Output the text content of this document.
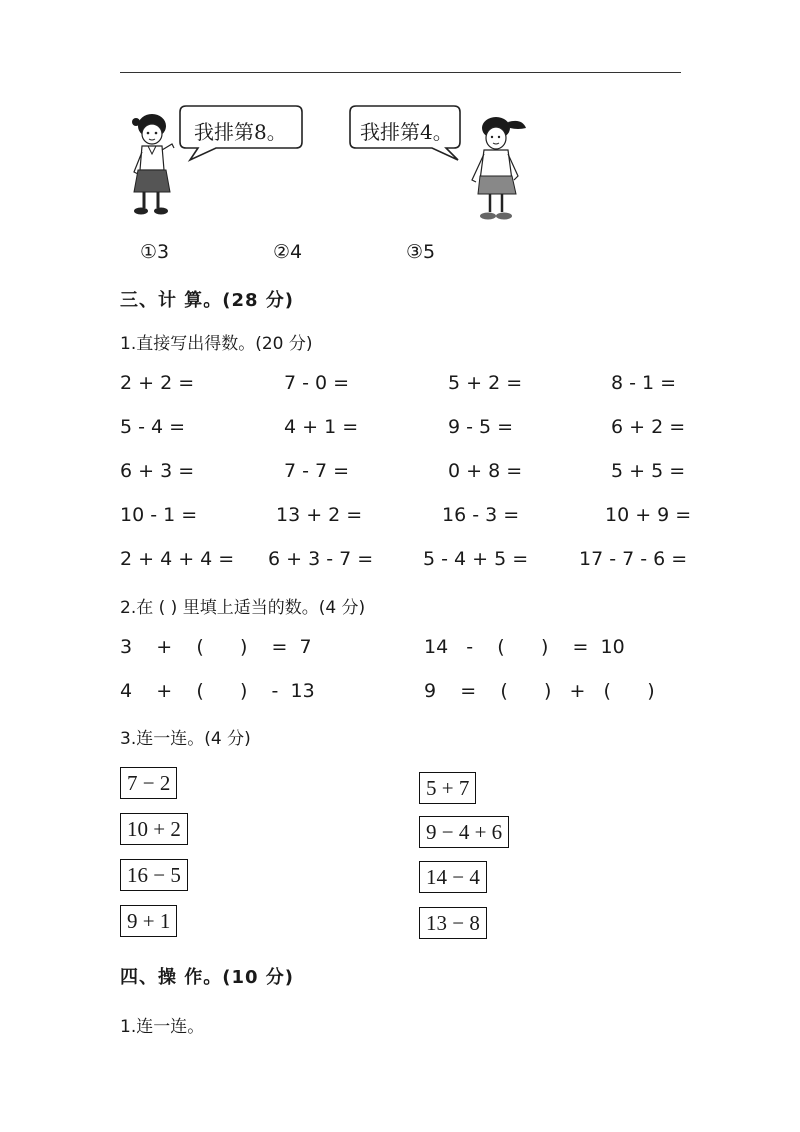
我排第8。	我排第4。
①3	②4	③5
三、计 算。(28 分)
1.直接写出得数。(20 分)
2 + 2 =	7 - 0 =	5 + 2 =	8 - 1 =
5 - 4 =	4 + 1 =	9 - 5 =	6 + 2 =
6 + 3 =	7 - 7 =	0 + 8 =	5 + 5 =
10 - 1 =	13 + 2 =	16 - 3 =	10 + 9 =
2 + 4 + 4 = 6 + 3 - 7 =	5 - 4 + 5 =	17 - 7 - 6 =
2.在 ( ) 里填上适当的数。(4 分)
3    +    (      )    =  7	14   -    (      )    =  10
4    +    (      )    -  13	9    =    (      )   +   (      )
3.连一连。(4 分)
7 − 2
10 + 2
16 − 5
9 + 1
5 + 7
9 − 4 + 6
14 − 4
13 − 8
四、操 作。(10 分)
1.连一连。
